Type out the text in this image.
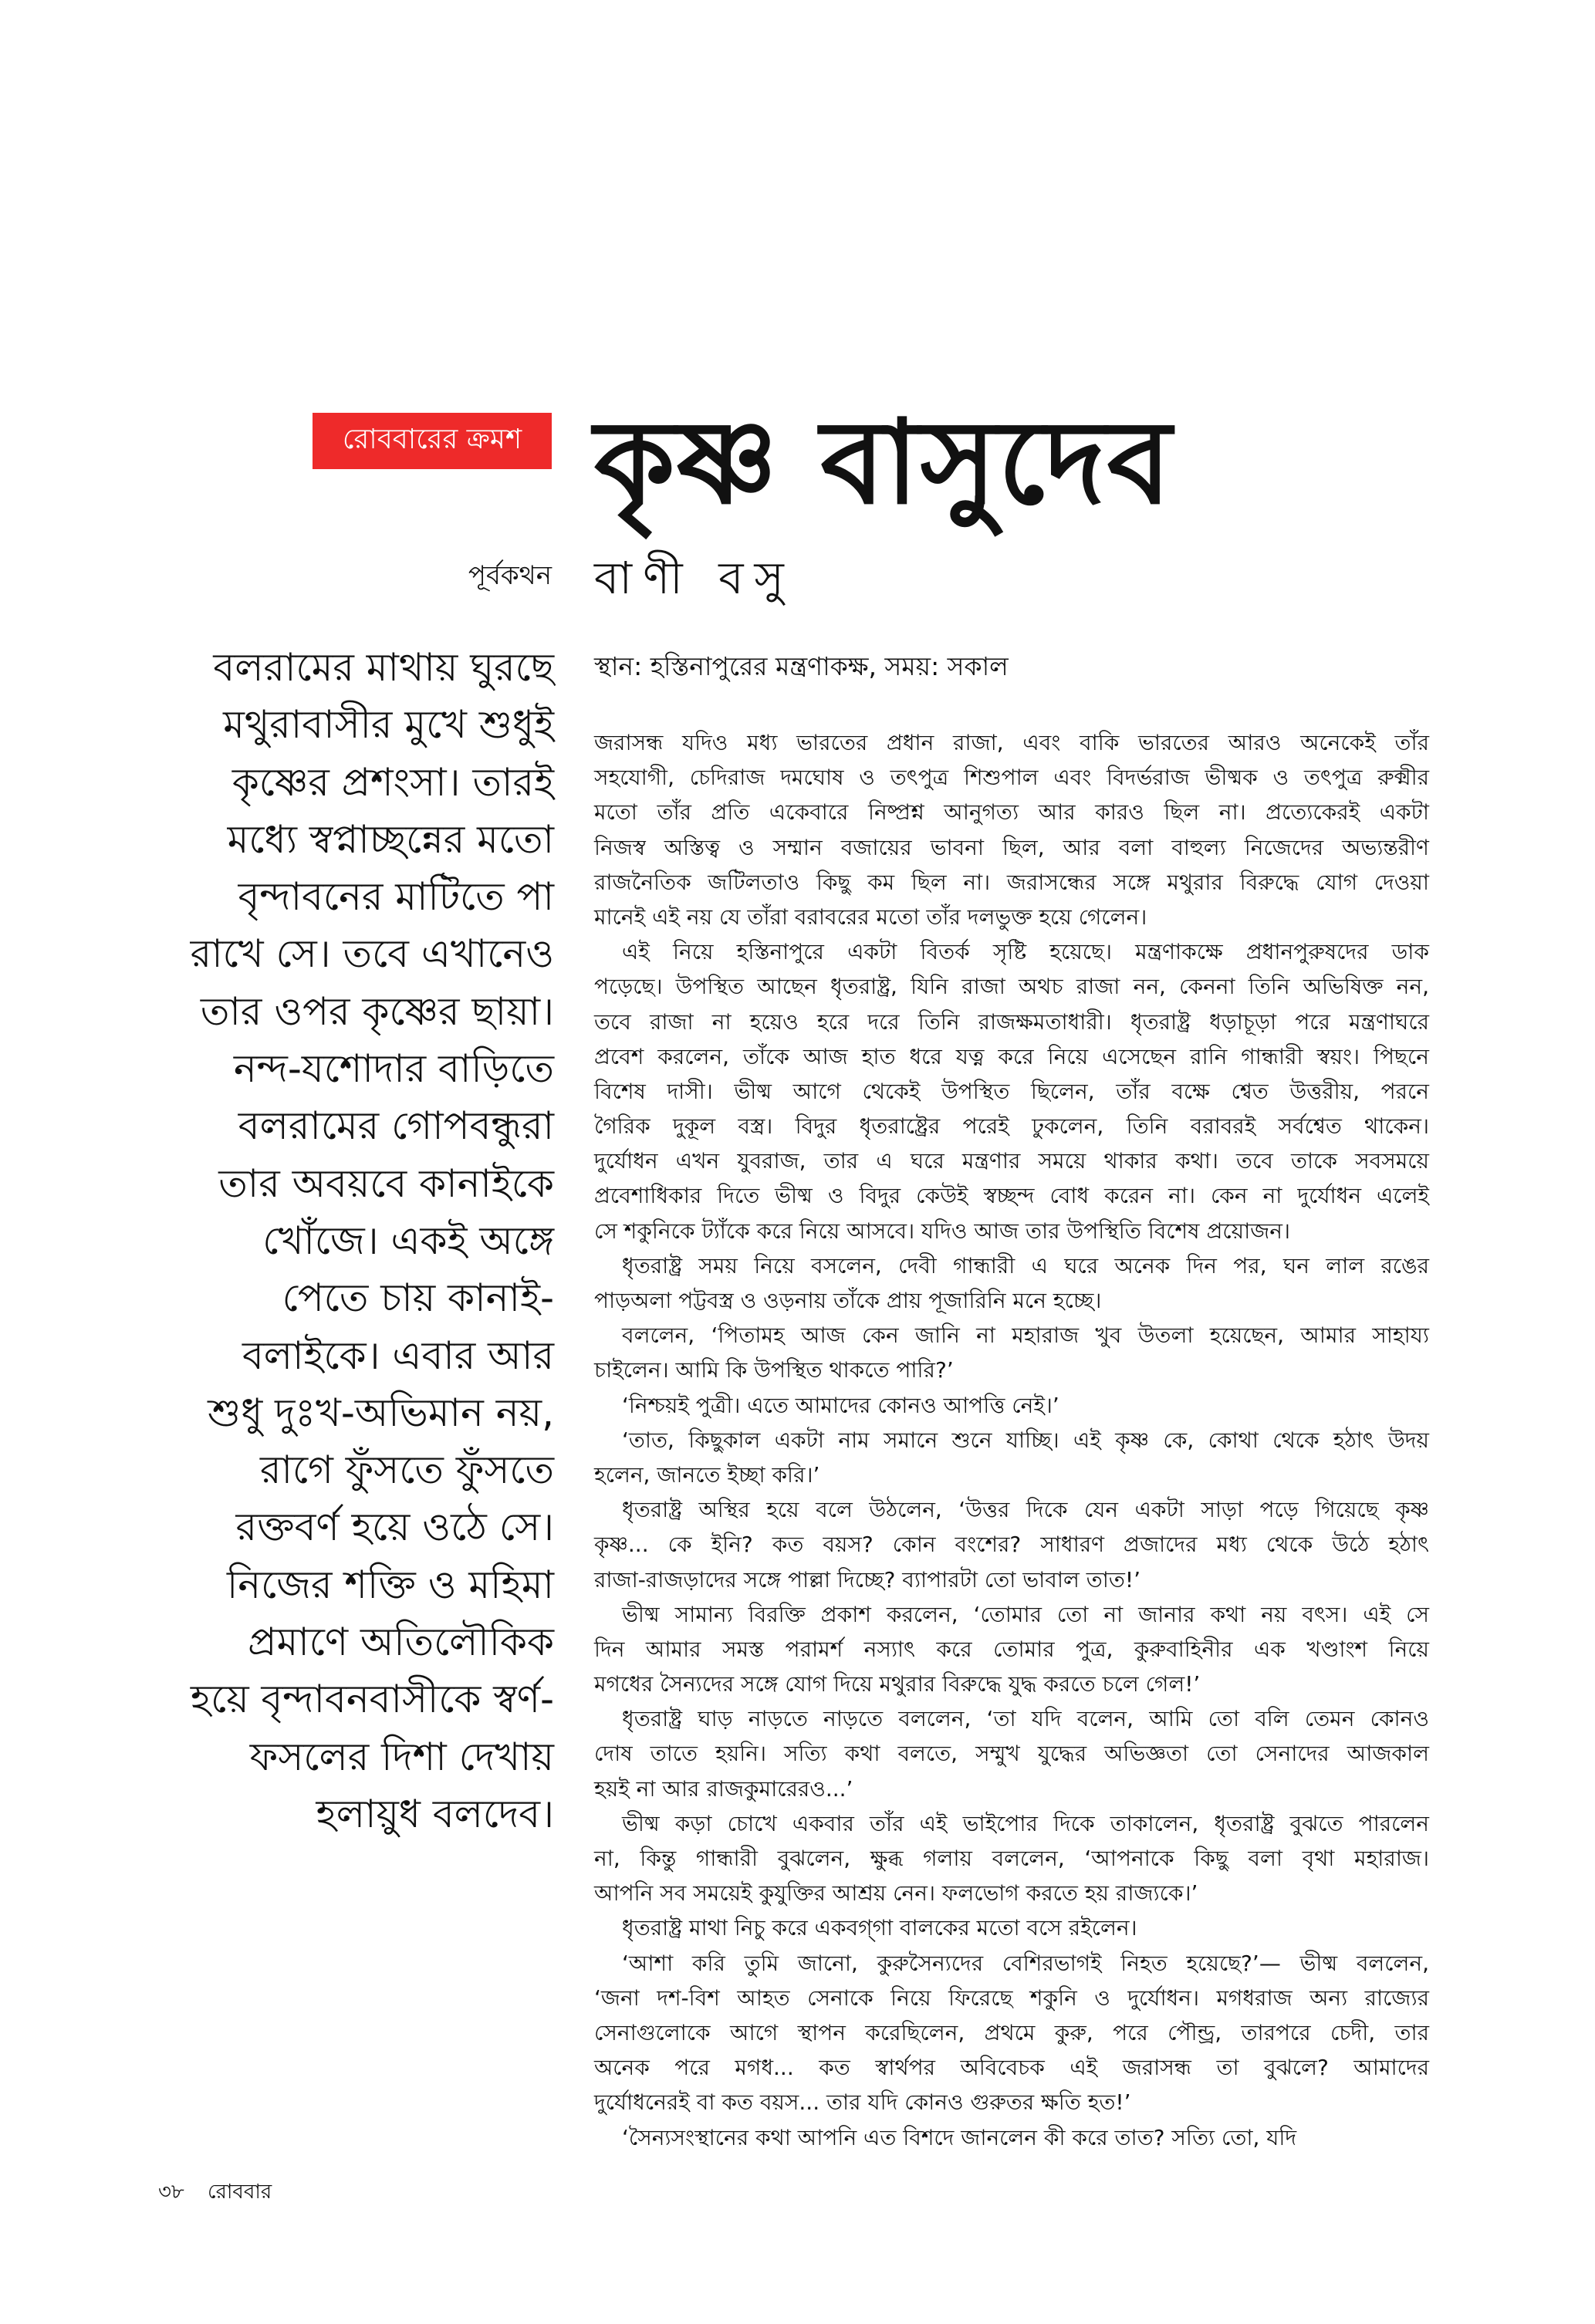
রোববারের ক্রমশ কৃষ্ণ বাসুদেব
পূর্বকথন বাণী বসু
বলরামের মাথায় ঘুরছে
মথুরাবাসীর মুখে শুধুই
কৃষ্ণের প্রশংসা। তারই
মধ্যে স্বপ্নাচ্ছন্নের মতো
বৃন্দাবনের মাটিতে পা
রাখে সে। তবে এখানেও
তার ওপর কৃষ্ণের ছায়া।
নন্দ-যশোদার বাড়িতে
বলরামের গোপবন্ধুরা
তার অবয়বে কানাইকে
খোঁজে। একই অঙ্গে
পেতে চায় কানাই-
বলাইকে। এবার আর
শুধু দুঃখ-অভিমান নয়,
রাগে ফুঁসতে ফুঁসতে
রক্তবর্ণ হয়ে ওঠে সে।
নিজের শক্তি ও মহিমা
প্রমাণে অতিলৌকিক
হয়ে বৃন্দাবনবাসীকে স্বর্ণ-
ফসলের দিশা দেখায়
হলায়ুধ বলদেব।
স্থান: হস্তিনাপুরের মন্ত্রণাকক্ষ, সময়: সকাল
জরাসন্ধ যদিও মধ্য ভারতের প্রধান রাজা, এবং বাকি ভারতের আরও অনেকেই তাঁর
সহযোগী, চেদিরাজ দমঘোষ ও তৎপুত্র শিশুপাল এবং বিদর্ভরাজ ভীষ্মক ও তৎপুত্র রুক্মীর
মতো তাঁর প্রতি একেবারে নিষ্প্রশ্ন আনুগত্য আর কারও ছিল না। প্রত্যেকেরই একটা
নিজস্ব অস্তিত্ব ও সম্মান বজায়ের ভাবনা ছিল, আর বলা বাহুল্য নিজেদের অভ্যন্তরীণ
রাজনৈতিক জটিলতাও কিছু কম ছিল না। জরাসন্ধের সঙ্গে মথুরার বিরুদ্ধে যোগ দেওয়া
মানেই এই নয় যে তাঁরা বরাবরের মতো তাঁর দলভুক্ত হয়ে গেলেন।
এই নিয়ে হস্তিনাপুরে একটা বিতর্ক সৃষ্টি হয়েছে। মন্ত্রণাকক্ষে প্রধানপুরুষদের ডাক
পড়েছে। উপস্থিত আছেন ধৃতরাষ্ট্র, যিনি রাজা অথচ রাজা নন, কেননা তিনি অভিষিক্ত নন,
তবে রাজা না হয়েও হরে দরে তিনি রাজক্ষমতাধারী। ধৃতরাষ্ট্র ধড়াচূড়া পরে মন্ত্রণাঘরে
প্রবেশ করলেন, তাঁকে আজ হাত ধরে যত্ন করে নিয়ে এসেছেন রানি গান্ধারী স্বয়ং। পিছনে
বিশেষ দাসী। ভীষ্ম আগে থেকেই উপস্থিত ছিলেন, তাঁর বক্ষে শ্বেত উত্তরীয়, পরনে
গৈরিক দুকূল বস্ত্র। বিদুর ধৃতরাষ্ট্রের পরেই ঢুকলেন, তিনি বরাবরই সর্বশ্বেত থাকেন।
দুর্যোধন এখন যুবরাজ, তার এ ঘরে মন্ত্রণার সময়ে থাকার কথা। তবে তাকে সবসময়ে
প্রবেশাধিকার দিতে ভীষ্ম ও বিদুর কেউই স্বচ্ছন্দ বোধ করেন না। কেন না দুর্যোধন এলেই
সে শকুনিকে ট্যাঁকে করে নিয়ে আসবে। যদিও আজ তার উপস্থিতি বিশেষ প্রয়োজন।
ধৃতরাষ্ট্র সময় নিয়ে বসলেন, দেবী গান্ধারী এ ঘরে অনেক দিন পর, ঘন লাল রঙের
পাড়অলা পট্টবস্ত্র ও ওড়নায় তাঁকে প্রায় পূজারিনি মনে হচ্ছে।
বললেন, ‘পিতামহ আজ কেন জানি না মহারাজ খুব উতলা হয়েছেন, আমার সাহায্য
চাইলেন। আমি কি উপস্থিত থাকতে পারি?’
‘নিশ্চয়ই পুত্রী। এতে আমাদের কোনও আপত্তি নেই।’
‘তাত, কিছুকাল একটা নাম সমানে শুনে যাচ্ছি। এই কৃষ্ণ কে, কোথা থেকে হঠাৎ উদয়
হলেন, জানতে ইচ্ছা করি।’
ধৃতরাষ্ট্র অস্থির হয়ে বলে উঠলেন, ‘উত্তর দিকে যেন একটা সাড়া পড়ে গিয়েছে কৃষ্ণ
কৃষ্ণ... কে ইনি? কত বয়স? কোন বংশের? সাধারণ প্রজাদের মধ্য থেকে উঠে হঠাৎ
রাজা-রাজড়াদের সঙ্গে পাল্লা দিচ্ছে? ব্যাপারটা তো ভাবাল তাত!’
ভীষ্ম সামান্য বিরক্তি প্রকাশ করলেন, ‘তোমার তো না জানার কথা নয় বৎস। এই সে
দিন আমার সমস্ত পরামর্শ নস্যাৎ করে তোমার পুত্র, কুরুবাহিনীর এক খণ্ডাংশ নিয়ে
মগধের সৈন্যদের সঙ্গে যোগ দিয়ে মথুরার বিরুদ্ধে যুদ্ধ করতে চলে গেল!’
ধৃতরাষ্ট্র ঘাড় নাড়তে নাড়তে বললেন, ‘তা যদি বলেন, আমি তো বলি তেমন কোনও
দোষ তাতে হয়নি। সত্যি কথা বলতে, সম্মুখ যুদ্ধের অভিজ্ঞতা তো সেনাদের আজকাল
হয়ই না আর রাজকুমারেরও...’
ভীষ্ম কড়া চোখে একবার তাঁর এই ভাইপোর দিকে তাকালেন, ধৃতরাষ্ট্র বুঝতে পারলেন
না, কিন্তু গান্ধারী বুঝলেন, ক্ষুব্ধ গলায় বললেন, ‘আপনাকে কিছু বলা বৃথা মহারাজ।
আপনি সব সময়েই কুযুক্তির আশ্রয় নেন। ফলভোগ করতে হয় রাজ্যকে।’
ধৃতরাষ্ট্র মাথা নিচু করে একবগ্‌গা বালকের মতো বসে রইলেন।
‘আশা করি তুমি জানো, কুরুসৈন্যদের বেশিরভাগই নিহত হয়েছে?’— ভীষ্ম বললেন,
‘জনা দশ-বিশ আহত সেনাকে নিয়ে ফিরেছে শকুনি ও দুর্যোধন। মগধরাজ অন্য রাজ্যের
সেনাগুলোকে আগে স্থাপন করেছিলেন, প্রথমে কুরু, পরে পৌন্ড্র, তারপরে চেদী, তার
অনেক পরে মগধ... কত স্বার্থপর অবিবেচক এই জরাসন্ধ তা বুঝলে? আমাদের
দুর্যোধনেরই বা কত বয়স... তার যদি কোনও গুরুতর ক্ষতি হত!’
‘সৈন্যসংস্থানের কথা আপনি এত বিশদে জানলেন কী করে তাত? সত্যি তো, যদি
৩৮ রোববার
